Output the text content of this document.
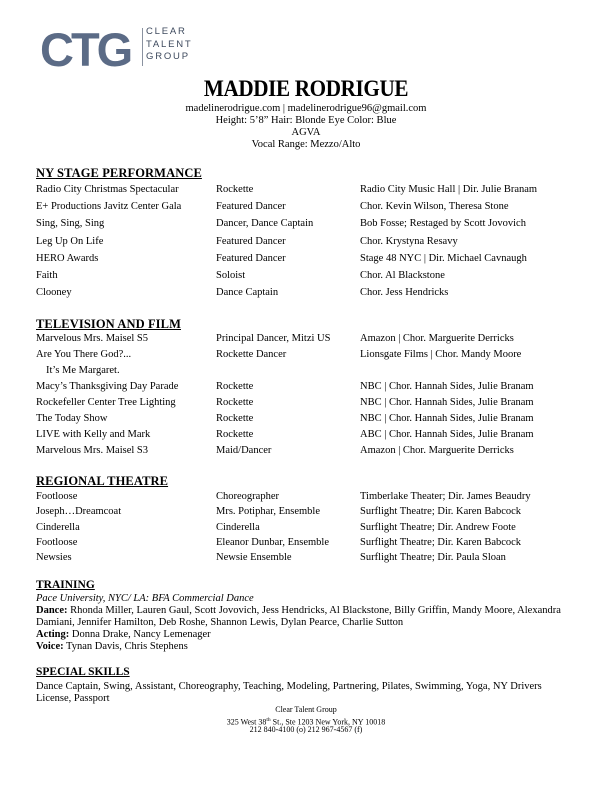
CTG CLEAR
TALENT
GROUP
MADDIE RODRIGUE
madelinerodrigue.com | madelinerodrigue96@gmail.com
Height: 5’8” Hair: Blonde Eye Color: Blue
AGVA
Vocal Range: Mezzo/Alto
NY STAGE PERFORMANCE
Radio City Christmas Spectacular	Rockette	Radio City Music Hall | Dir. Julie Branam
E+ Productions Javitz Center Gala	Featured Dancer	Chor. Kevin Wilson, Theresa Stone
Sing, Sing, Sing	Dancer, Dance Captain	Bob Fosse; Restaged by Scott Jovovich
Leg Up On Life	Featured Dancer	Chor. Krystyna Resavy
HERO Awards	Featured Dancer	Stage 48 NYC | Dir. Michael Cavnaugh
Faith	Soloist	Chor. Al Blackstone
Clooney	Dance Captain	Chor. Jess Hendricks
TELEVISION AND FILM
Marvelous Mrs. Maisel S5	Principal Dancer, Mitzi US	Amazon | Chor. Marguerite Derricks
Are You There God?...	Rockette Dancer	Lionsgate Films | Chor. Mandy Moore
It’s Me Margaret.
Macy’s Thanksgiving Day Parade	Rockette	NBC | Chor. Hannah Sides, Julie Branam
Rockefeller Center Tree Lighting	Rockette	NBC | Chor. Hannah Sides, Julie Branam
The Today Show	Rockette	NBC | Chor. Hannah Sides, Julie Branam
LIVE with Kelly and Mark	Rockette	ABC | Chor. Hannah Sides, Julie Branam
Marvelous Mrs. Maisel S3	Maid/Dancer	Amazon | Chor. Marguerite Derricks
REGIONAL THEATRE
Footloose	Choreographer	Timberlake Theater; Dir. James Beaudry
Joseph…Dreamcoat	Mrs. Potiphar, Ensemble	Surflight Theatre; Dir. Karen Babcock
Cinderella	Cinderella	Surflight Theatre; Dir. Andrew Foote
Footloose	Eleanor Dunbar, Ensemble	Surflight Theatre; Dir. Karen Babcock
Newsies	Newsie Ensemble	Surflight Theatre; Dir. Paula Sloan
TRAINING
Pace University, NYC/ LA: BFA Commercial Dance
Dance: Rhonda Miller, Lauren Gaul, Scott Jovovich, Jess Hendricks, Al Blackstone, Billy Griffin, Mandy Moore, Alexandra Damiani, Jennifer Hamilton, Deb Roshe, Shannon Lewis, Dylan Pearce, Charlie Sutton
Acting: Donna Drake, Nancy Lemenager
Voice: Tynan Davis, Chris Stephens
SPECIAL SKILLS
Dance Captain, Swing, Assistant, Choreography, Teaching, Modeling, Partnering, Pilates, Swimming, Yoga, NY Drivers License, Passport
Clear Talent Group
325 West 38th St., Ste 1203 New York, NY 10018
212 840-4100 (o) 212 967-4567 (f)
